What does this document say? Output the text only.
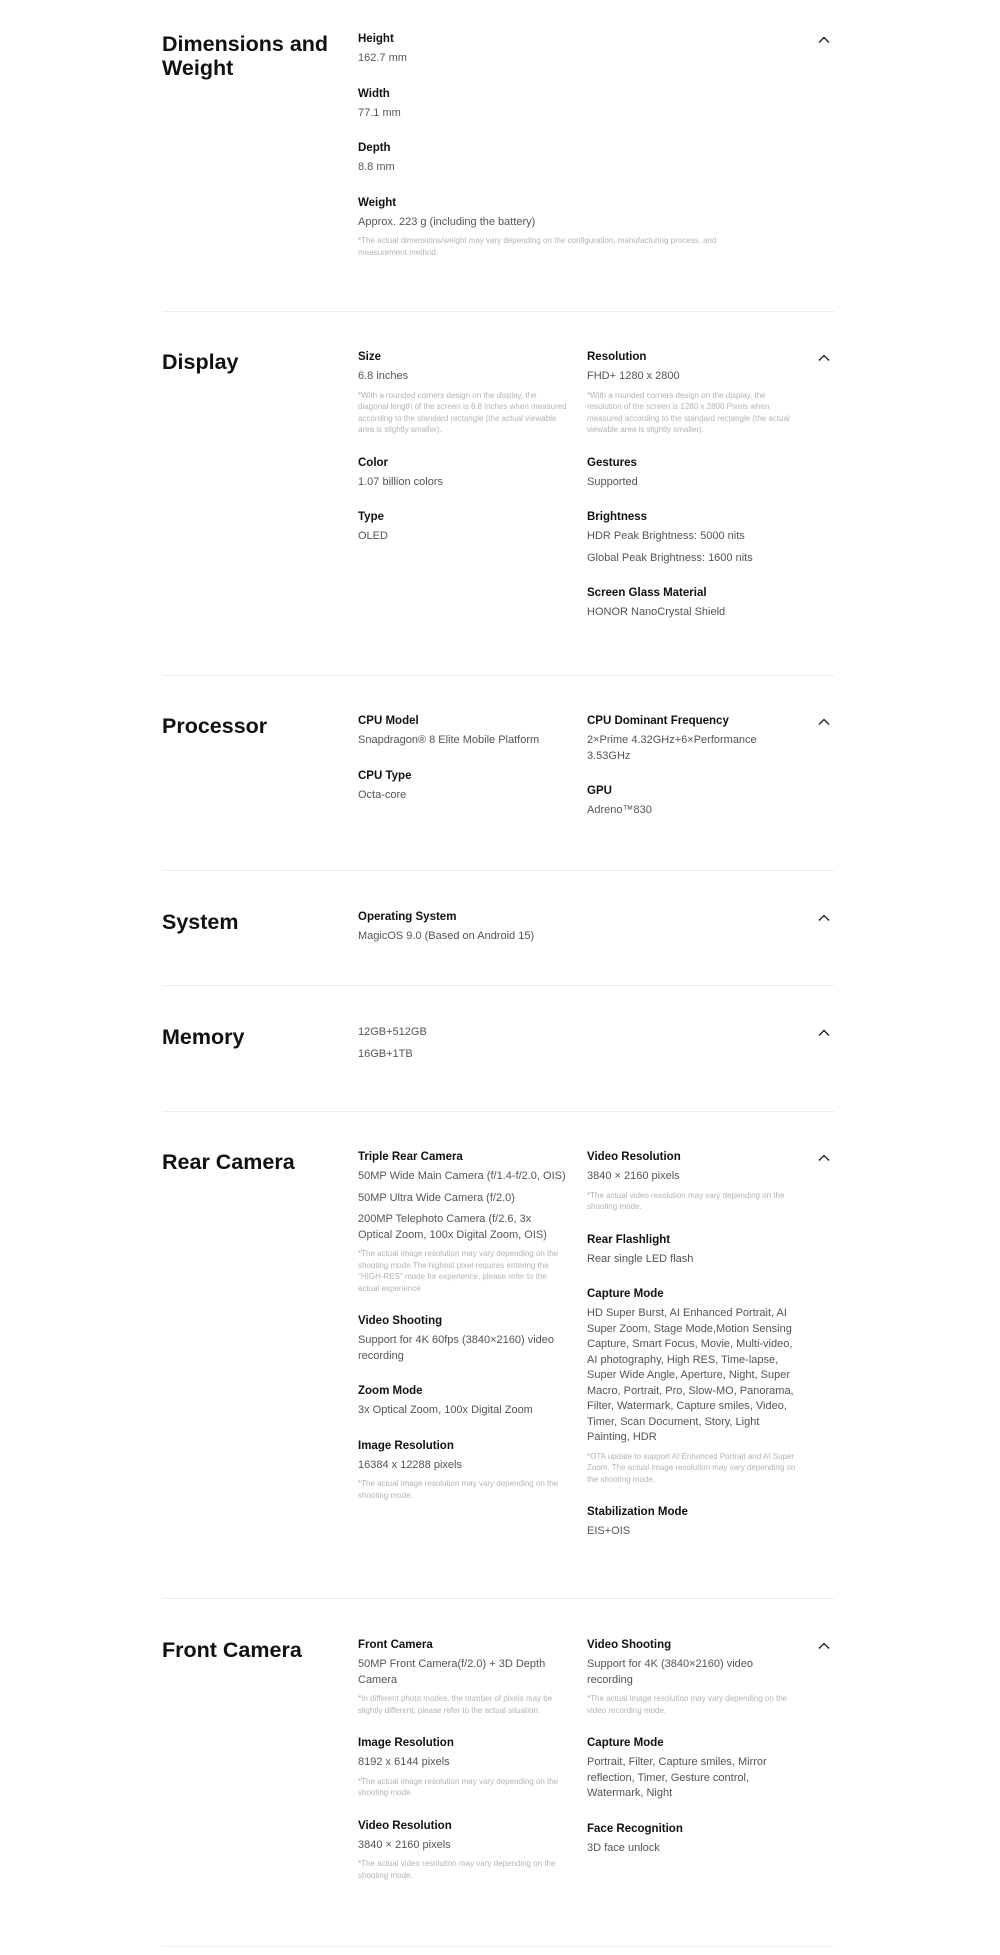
Dimensions and Weight
Height
162.7 mm
Width
77.1 mm
Depth
8.8 mm
Weight
Approx. 223 g (including the battery)
*The actual dimensions/weight may vary depending on the configuration, manufacturing process, and measurement method.
Display	Size
6.8 inches
*With a rounded corners design on the display, the diagonal length of the screen is 6.8 inches when measured according to the standard rectangle (the actual viewable area is slightly smaller).
Color
1.07 billion colors
Type
OLED
Resolution
FHD+ 1280 x 2800
*With a rounded corners design on the display, the resolution of the screen is 1280 x 2800 Pixels when measured according to the standard rectangle (the actual viewable area is slightly smaller).
Gestures
Supported
Brightness
HDR Peak Brightness: 5000 nits
Global Peak Brightness: 1600 nits
Screen Glass Material
HONOR NanoCrystal Shield
Processor	CPU Model
Snapdragon® 8 Elite Mobile Platform
CPU Type
Octa-core
CPU Dominant Frequency
2×Prime 4.32GHz+6×Performance 3.53GHz
GPU
Adreno™830
System	Operating System
MagicOS 9.0 (Based on Android 15)
Memory	12GB+512GB
16GB+1TB
Rear Camera	Triple Rear Camera
50MP Wide Main Camera (f/1.4-f/2.0, OIS)
50MP Ultra Wide Camera (f/2.0)
200MP Telephoto Camera (f/2.6, 3x Optical Zoom, 100x Digital Zoom, OIS)
*The actual image resolution may vary depending on the shooting mode.The highest pixel requires entering the "HIGH-RES" mode for experience, please refer to the actual experience.
Video Shooting
Support for 4K 60fps (3840×2160) video recording
Zoom Mode
3x Optical Zoom, 100x Digital Zoom
Image Resolution
16384 x 12288 pixels
*The actual image resolution may vary depending on the shooting mode.
Video Resolution
3840 × 2160 pixels
*The actual video resolution may vary depending on the shooting mode.
Rear Flashlight
Rear single LED flash
Capture Mode
HD Super Burst, AI Enhanced Portrait, AI Super Zoom, Stage Mode,Motion Sensing Capture, Smart Focus, Movie, Multi-video, AI photography, High RES, Time-lapse, Super Wide Angle, Aperture, Night, Super Macro, Portrait, Pro, Slow-MO, Panorama, Filter, Watermark, Capture smiles, Video, Timer, Scan Document, Story, Light Painting, HDR
*OTA update to support AI Enhanced Portrait and AI Super Zoom. The actual image resolution may vary depending on the shooting mode.
Stabilization Mode
EIS+OIS
Front Camera	Front Camera
50MP Front Camera(f/2.0) + 3D Depth Camera
*In different photo modes, the number of pixels may be slightly different, please refer to the actual situation.
Image Resolution
8192 x 6144 pixels
*The actual image resolution may vary depending on the shooting mode.
Video Resolution
3840 × 2160 pixels
*The actual video resolution may vary depending on the shooting mode.
Video Shooting
Support for 4K (3840×2160) video recording
*The actual image resolution may vary depending on the video recording mode.
Capture Mode
Portrait, Filter, Capture smiles, Mirror reflection, Timer, Gesture control, Watermark, Night
Face Recognition
3D face unlock
